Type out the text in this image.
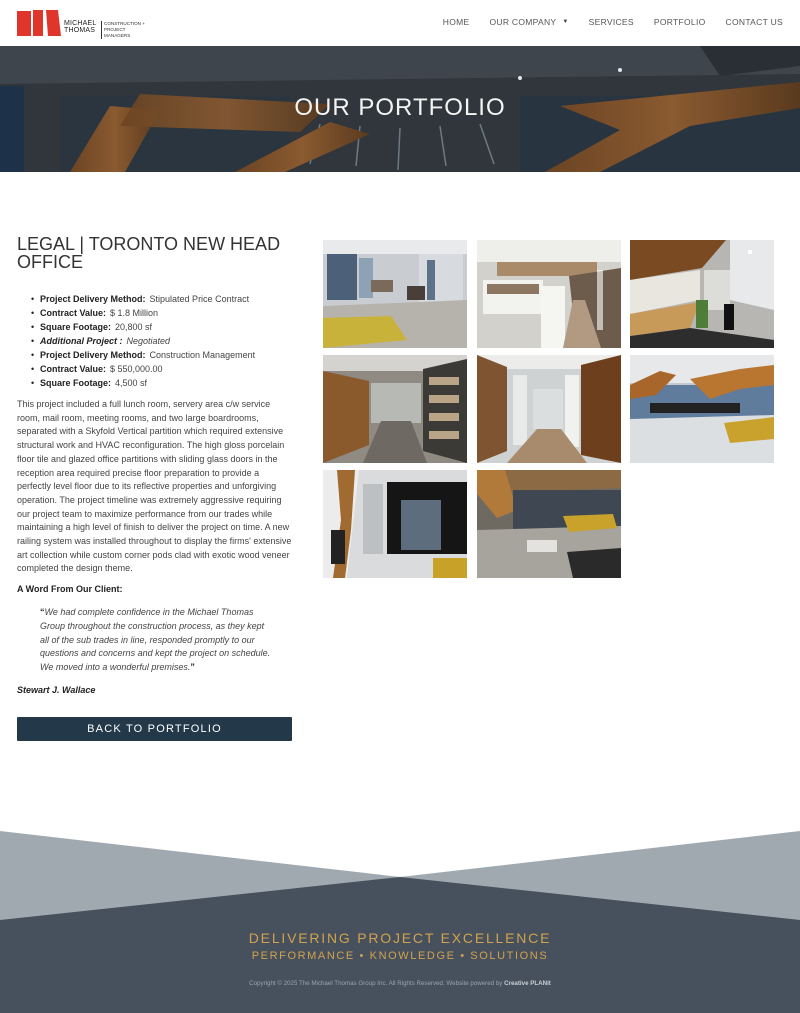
MICHAEL
THOMAS
CONSTRUCTION +
PROJECT MANAGERS
HOME OUR COMPANY ▼ SERVICES PORTFOLIO CONTACT US
OUR PORTFOLIO
LEGAL | TORONTO NEW HEAD OFFICE
• Project Delivery Method: Stipulated Price Contract
• Contract Value: $ 1.8 Million
• Square Footage: 20,800 sf
• Additional Project : Negotiated
• Project Delivery Method: Construction Management
• Contract Value: $ 550,000.00
• Square Footage: 4,500 sf

This project included a full lunch room, servery area c/w service room, mail room, meeting rooms, and two large boardrooms, separated with a Skyfold Vertical partition which required extensive structural work and HVAC reconfiguration. The high gloss porcelain floor tile and glazed office partitions with sliding glass doors in the reception area required precise floor preparation to provide a perfectly level floor due to its reflective properties and unforgiving operation. The project timeline was extremely aggressive requiring our project team to maximize performance from our trades while maintaining a high level of finish to deliver the project on time. A new railing system was installed throughout to display the firms' extensive art collection while custom corner pods clad with exotic wood veneer completed the design theme.

A Word From Our Client:
“We had complete confidence in the Michael Thomas Group throughout the construction process, as they kept all of the sub trades in line, responded promptly to our questions and concerns and kept the project on schedule. We moved into a wonderful premises.”
Stewart J. Wallace
BACK TO PORTFOLIO
DELIVERING PROJECT EXCELLENCE
PERFORMANCE • KNOWLEDGE • SOLUTIONS
Copyright © 2025 The Michael Thomas Group Inc. All Rights Reserved. Website powered by Creative PLANit
